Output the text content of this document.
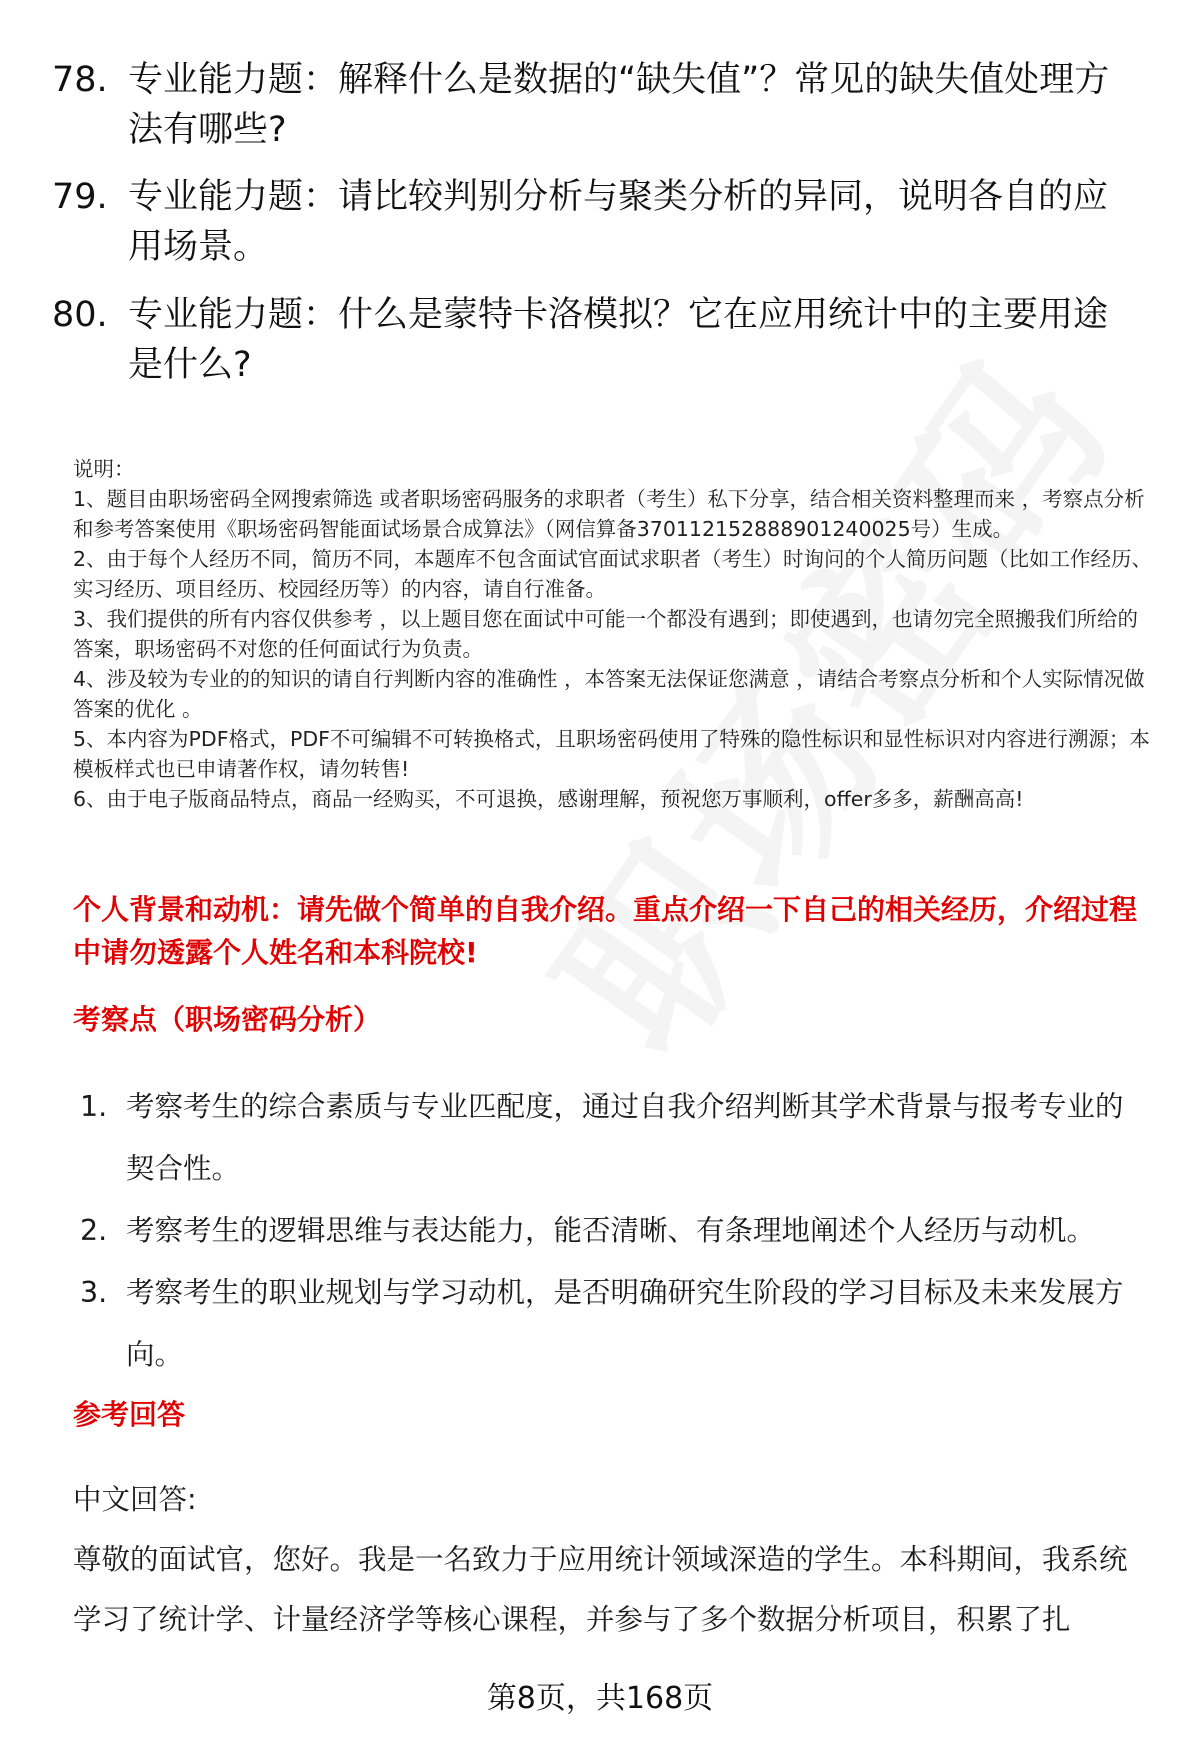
78. 专业能力题：解释什么是数据的“缺失值”？常见的缺失值处理方法有哪些?
79. 专业能力题：请比较判别分析与聚类分析的异同，说明各自的应用场景。
80. 专业能力题：什么是蒙特卡洛模拟？它在应用统计中的主要用途是什么?

说明：

1、题目由职场密码全网搜索筛选 或者职场密码服务的求职者（考生）私下分享，结合相关资料整理而来 ，考察点分析和参考答案使用《职场密码智能面试场景合成算法》（网信算备370112152888901240025号）生成。

2、由于每个人经历不同，简历不同，本题库不包含面试官面试求职者（考生）时询问的个人简历问题（比如工作经历、实习经历、项目经历、校园经历等）的内容，请自行准备。

3、我们提供的所有内容仅供参考 ，以上题目您在面试中可能一个都没有遇到；即使遇到，也请勿完全照搬我们所给的答案，职场密码不对您的任何面试行为负责。

4、涉及较为专业的的知识的请自行判断内容的准确性 ，本答案无法保证您满意 ，请结合考察点分析和个人实际情况做答案的优化 。

5、本内容为PDF格式，PDF不可编辑不可转换格式，且职场密码使用了特殊的隐性标识和显性标识对内容进行溯源；本模板样式也已申请著作权，请勿转售!

6、由于电子版商品特点，商品一经购买，不可退换，感谢理解，预祝您万事顺利，offer多多，薪酬高高!

个人背景和动机：请先做个简单的自我介绍。重点介绍一下自己的相关经历，介绍过程中请勿透露个人姓名和本科院校!
考察点（职场密码分析）
1. 考察考生的综合素质与专业匹配度，通过自我介绍判断其学术背景与报考专业的契合性。
2. 考察考生的逻辑思维与表达能力，能否清晰、有条理地阐述个人经历与动机。
3. 考察考生的职业规划与学习动机，是否明确研究生阶段的学习目标及未来发展方向。
参考回答
中文回答:
尊敬的面试官，您好。我是一名致力于应用统计领域深造的学生。本科期间，我系统学习了统计学、计量经济学等核心课程，并参与了多个数据分析项目，积累了扎
第8页，共168页
